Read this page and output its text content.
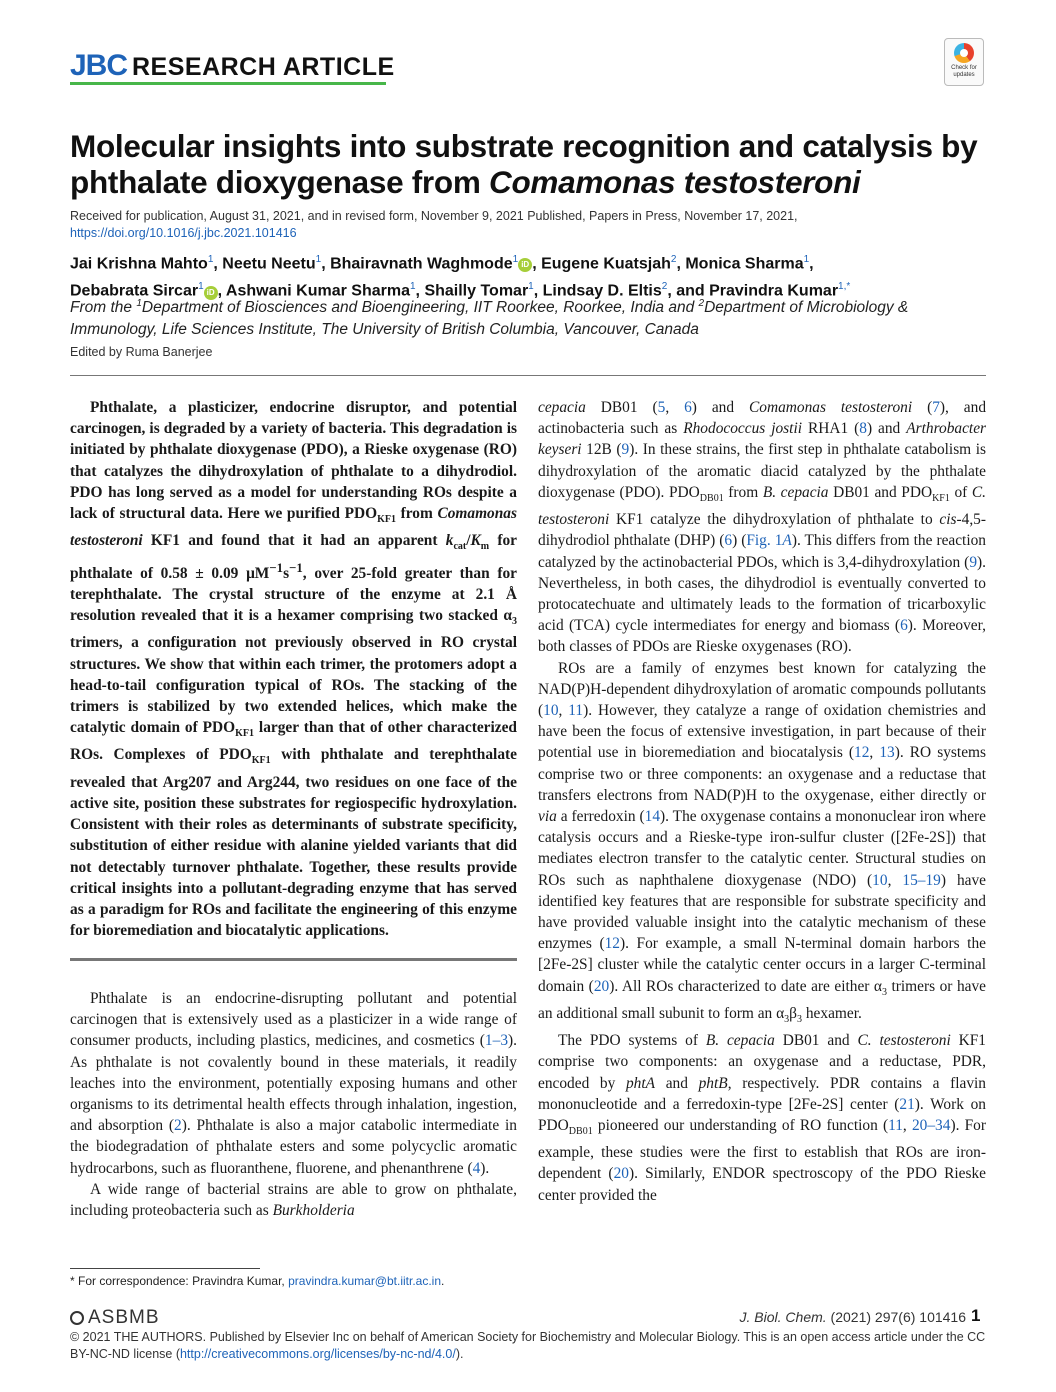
JBC RESEARCH ARTICLE	Check for
updates
Molecular insights into substrate recognition and catalysis by
phthalate dioxygenase from Comamonas testosteroni
Received for publication, August 31, 2021, and in revised form, November 9, 2021 Published, Papers in Press, November 17, 2021,
https://doi.org/10.1016/j.jbc.2021.101416
Jai Krishna Mahto$^1$, Neetu Neetu$^1$, Bhairavnath Waghmode$^1$ iD , Eugene Kuatsjah$^2$, Monica Sharma$^1$,
Debabrata Sircar$^1$ iD , Ashwani Kumar Sharma$^1$, Shailly Tomar$^1$, Lindsay D. Eltis$^2$, and Pravindra Kumar$^{1,*}$
From the $^1$Department of Biosciences and Bioengineering, IIT Roorkee, Roorkee, India and $^2$Department of Microbiology & Immunology, Life Sciences Institute, The University of British Columbia, Vancouver, Canada
Edited by Ruma Banerjee

Phthalate, a plasticizer, endocrine disruptor, and potential carcinogen, is degraded by a variety of bacteria. This degradation is initiated by phthalate dioxygenase (PDO), a Rieske oxygenase (RO) that catalyzes the dihydroxylation of phthalate to a dihydrodiol. PDO has long served as a model for understanding ROs despite a lack of structural data. Here we purified $PDO_{KF1}$ from Comamonas testosteroni KF1 and found that it had an apparent $k_{cat}/K_m$ for phthalate of 0.58 ± 0.09 $\mu M^{-1}s^{-1}$, over 25-fold greater than for terephthalate. The crystal structure of the enzyme at 2.1 Å resolution revealed that it is a hexamer comprising two stacked $\alpha_3$ trimers, a configuration not previously observed in RO crystal structures. We show that within each trimer, the protomers adopt a head-to-tail configuration typical of ROs. The stacking of the trimers is stabilized by two extended helices, which make the catalytic domain of $PDO_{KF1}$ larger than that of other characterized ROs. Complexes of $PDO_{KF1}$ with phthalate and terephthalate revealed that Arg207 and Arg244, two residues on one face of the active site, position these substrates for regiospecific hydroxylation. Consistent with their roles as determinants of substrate specificity, substitution of either residue with alanine yielded variants that did not detectably turnover phthalate. Together, these results provide critical insights into a pollutant-degrading enzyme that has served as a paradigm for ROs and facilitate the engineering of this enzyme for bioremediation and biocatalytic applications.

Phthalate is an endocrine-disrupting pollutant and potential carcinogen that is extensively used as a plasticizer in a wide range of consumer products, including plastics, medicines, and cosmetics (1–3). As phthalate is not covalently bound in these materials, it readily leaches into the environment, potentially exposing humans and other organisms to its detrimental health effects through inhalation, ingestion, and absorption (2). Phthalate is also a major catabolic intermediate in the biodegradation of phthalate esters and some polycyclic aromatic hydrocarbons, such as fluoranthene, fluorene, and phenanthrene (4).

A wide range of bacterial strains are able to grow on phthalate, including proteobacteria such as Burkholderia

cepacia DB01 (5, 6) and Comamonas testosteroni (7), and actinobacteria such as Rhodococcus jostii RHA1 (8) and Arthrobacter keyseri 12B (9). In these strains, the first step in phthalate catabolism is dihydroxylation of the aromatic diacid catalyzed by the phthalate dioxygenase (PDO). $PDO_{DB01}$ from B. cepacia DB01 and $PDO_{KF1}$ of C. testosteroni KF1 catalyze the dihydroxylation of phthalate to cis-4,5-dihydrodiol phthalate (DHP) (6) (Fig. 1A). This differs from the reaction catalyzed by the actinobacterial PDOs, which is 3,4-dihydroxylation (9). Nevertheless, in both cases, the dihydrodiol is eventually converted to protocatechuate and ultimately leads to the formation of tricarboxylic acid (TCA) cycle intermediates for energy and biomass (6). Moreover, both classes of PDOs are Rieske oxygenases (RO).

ROs are a family of enzymes best known for catalyzing the NAD(P)H-dependent dihydroxylation of aromatic compounds pollutants (10, 11). However, they catalyze a range of oxidation chemistries and have been the focus of extensive investigation, in part because of their potential use in bioremediation and biocatalysis (12, 13). RO systems comprise two or three components: an oxygenase and a reductase that transfers electrons from NAD(P)H to the oxygenase, either directly or via a ferredoxin (14). The oxygenase contains a mononuclear iron where catalysis occurs and a Rieske-type iron-sulfur cluster ([2Fe-2S]) that mediates electron transfer to the catalytic center. Structural studies on ROs such as naphthalene dioxygenase (NDO) (10, 15–19) have identified key features that are responsible for substrate specificity and have provided valuable insight into the catalytic mechanism of these enzymes (12). For example, a small N-terminal domain harbors the [2Fe-2S] cluster while the catalytic center occurs in a larger C-terminal domain (20). All ROs characterized to date are either $\alpha_3$ trimers or have an additional small subunit to form an $\alpha_3\beta_3$ hexamer.

The PDO systems of B. cepacia DB01 and C. testosteroni KF1 comprise two components: an oxygenase and a reductase, PDR, encoded by phtA and phtB, respectively. PDR contains a flavin mononucleotide and a ferredoxin-type [2Fe-2S] center (21). Work on $PDO_{DB01}$ pioneered our understanding of RO function (11, 20–34). For example, these studies were the first to establish that ROs are iron-dependent (20). Similarly, ENDOR spectroscopy of the PDO Rieske center provided the

* For correspondence: Pravindra Kumar, pravindra.kumar@bt.iitr.ac.in.
ASBMB	J. Biol. Chem. (2021) 297(6) 101416 1
© 2021 THE AUTHORS. Published by Elsevier Inc on behalf of American Society for Biochemistry and Molecular Biology. This is an open access article under the CC BY-NC-ND license (http://creativecommons.org/licenses/by-nc-nd/4.0/).
